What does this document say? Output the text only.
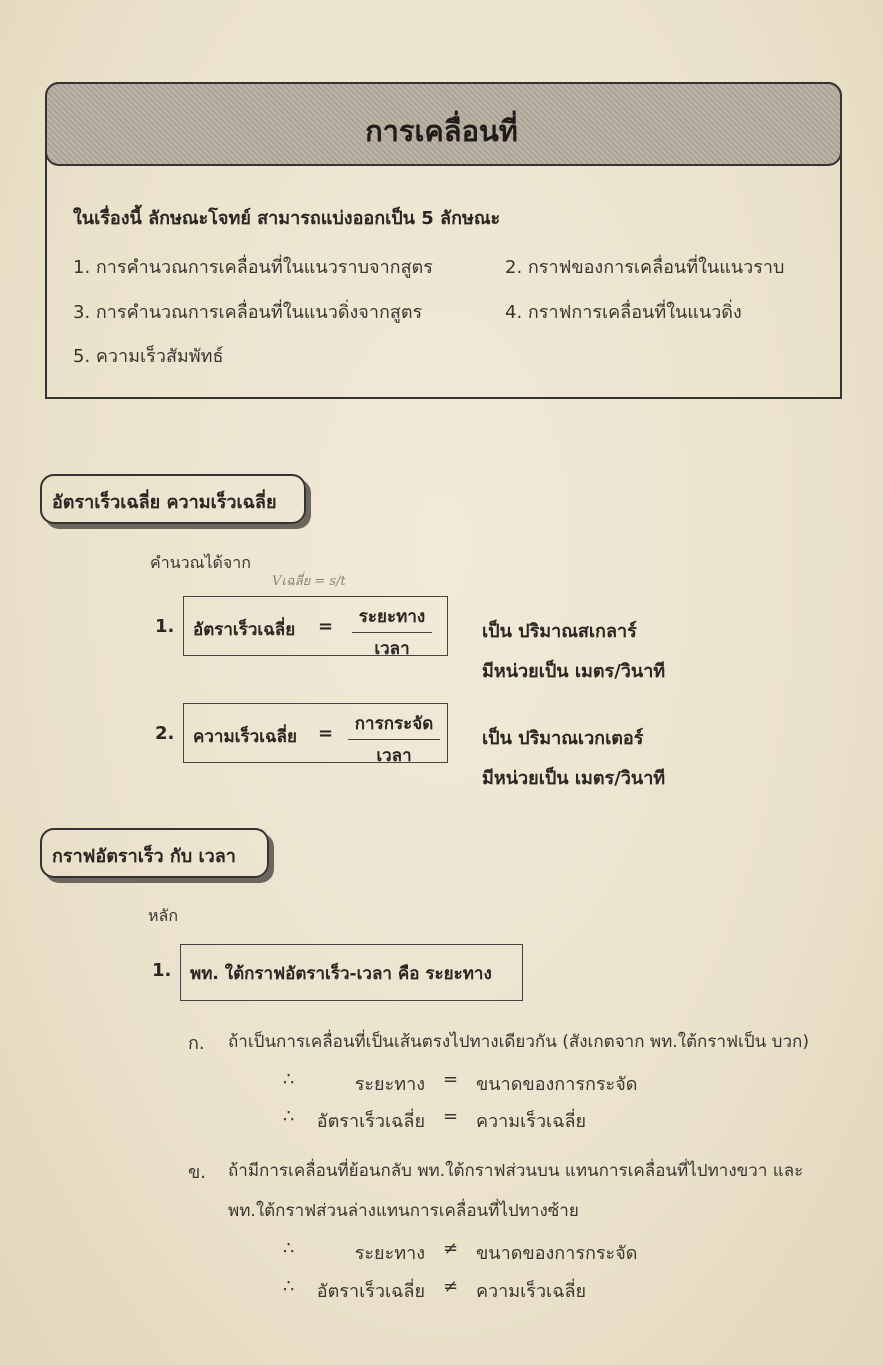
การเคลื่อนที่
ในเรื่องนี้ ลักษณะโจทย์ สามารถแบ่งออกเป็น 5 ลักษณะ
1. การคำนวณการเคลื่อนที่ในแนวราบจากสูตร	2. กราฟของการเคลื่อนที่ในแนวราบ
3. การคำนวณการเคลื่อนที่ในแนวดิ่งจากสูตร	4. กราฟการเคลื่อนที่ในแนวดิ่ง
5. ความเร็วสัมพัทธ์
อัตราเร็วเฉลี่ย ความเร็วเฉลี่ย
คำนวณได้จาก
Vเฉลี่ย = s/t
1. อัตราเร็วเฉลี่ย =	ระยะทาง
เวลา
เป็น ปริมาณสเกลาร์
มีหน่วยเป็น เมตร/วินาที
2. ความเร็วเฉลี่ย =	การกระจัด
เวลา
เป็น ปริมาณเวกเตอร์
มีหน่วยเป็น เมตร/วินาที
กราฟอัตราเร็ว กับ เวลา
หลัก
1. พท. ใต้กราฟอัตราเร็ว-เวลา คือ ระยะทาง
ก. ถ้าเป็นการเคลื่อนที่เป็นเส้นตรงไปทางเดียวกัน (สังเกตจาก พท.ใต้กราฟเป็น บวก)
∴	ระยะทาง = ขนาดของการกระจัด
∴	อัตราเร็วเฉลี่ย = ความเร็วเฉลี่ย
ข. ถ้ามีการเคลื่อนที่ย้อนกลับ พท.ใต้กราฟส่วนบน แทนการเคลื่อนที่ไปทางขวา และ
พท.ใต้กราฟส่วนล่างแทนการเคลื่อนที่ไปทางซ้าย
∴	ระยะทาง ≠ ขนาดของการกระจัด
∴	อัตราเร็วเฉลี่ย ≠ ความเร็วเฉลี่ย
